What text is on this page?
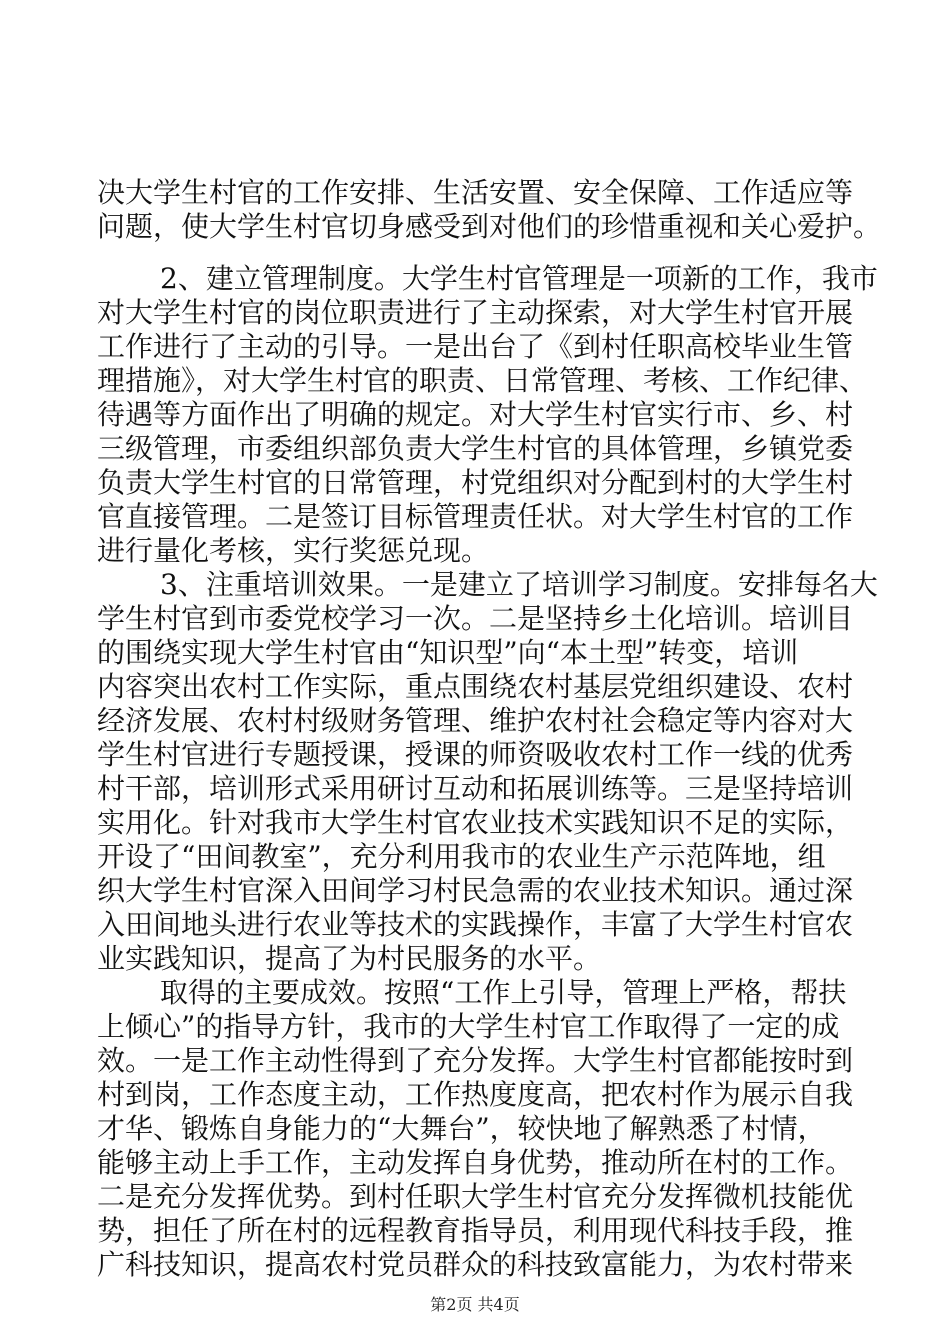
决大学生村官的工作安排、生活安置、安全保障、工作适应等
问题，使大学生村官切身感受到对他们的珍惜重视和关心爱护。
2、建立管理制度。大学生村官管理是一项新的工作，我市
对大学生村官的岗位职责进行了主动探索，对大学生村官开展
工作进行了主动的引导。一是出台了《到村任职高校毕业生管
理措施》，对大学生村官的职责、日常管理、考核、工作纪律、
待遇等方面作出了明确的规定。对大学生村官实行市、乡、村
三级管理，市委组织部负责大学生村官的具体管理，乡镇党委
负责大学生村官的日常管理，村党组织对分配到村的大学生村
官直接管理。二是签订目标管理责任状。对大学生村官的工作
进行量化考核，实行奖惩兑现。
3、注重培训效果。一是建立了培训学习制度。安排每名大
学生村官到市委党校学习一次。二是坚持乡土化培训。培训目
的围绕实现大学生村官由“知识型”向“本土型”转变，培训
内容突出农村工作实际，重点围绕农村基层党组织建设、农村
经济发展、农村村级财务管理、维护农村社会稳定等内容对大
学生村官进行专题授课，授课的师资吸收农村工作一线的优秀
村干部，培训形式采用研讨互动和拓展训练等。三是坚持培训
实用化。针对我市大学生村官农业技术实践知识不足的实际，
开设了“田间教室”，充分利用我市的农业生产示范阵地，组
织大学生村官深入田间学习村民急需的农业技术知识。通过深
入田间地头进行农业等技术的实践操作，丰富了大学生村官农
业实践知识，提高了为村民服务的水平。
取得的主要成效。按照“工作上引导，管理上严格，帮扶
上倾心”的指导方针，我市的大学生村官工作取得了一定的成
效。一是工作主动性得到了充分发挥。大学生村官都能按时到
村到岗，工作态度主动，工作热度度高，把农村作为展示自我
才华、锻炼自身能力的“大舞台”，较快地了解熟悉了村情，
能够主动上手工作，主动发挥自身优势，推动所在村的工作。
二是充分发挥优势。到村任职大学生村官充分发挥微机技能优
势，担任了所在村的远程教育指导员，利用现代科技手段，推
广科技知识，提高农村党员群众的科技致富能力，为农村带来
第2页 共4页
